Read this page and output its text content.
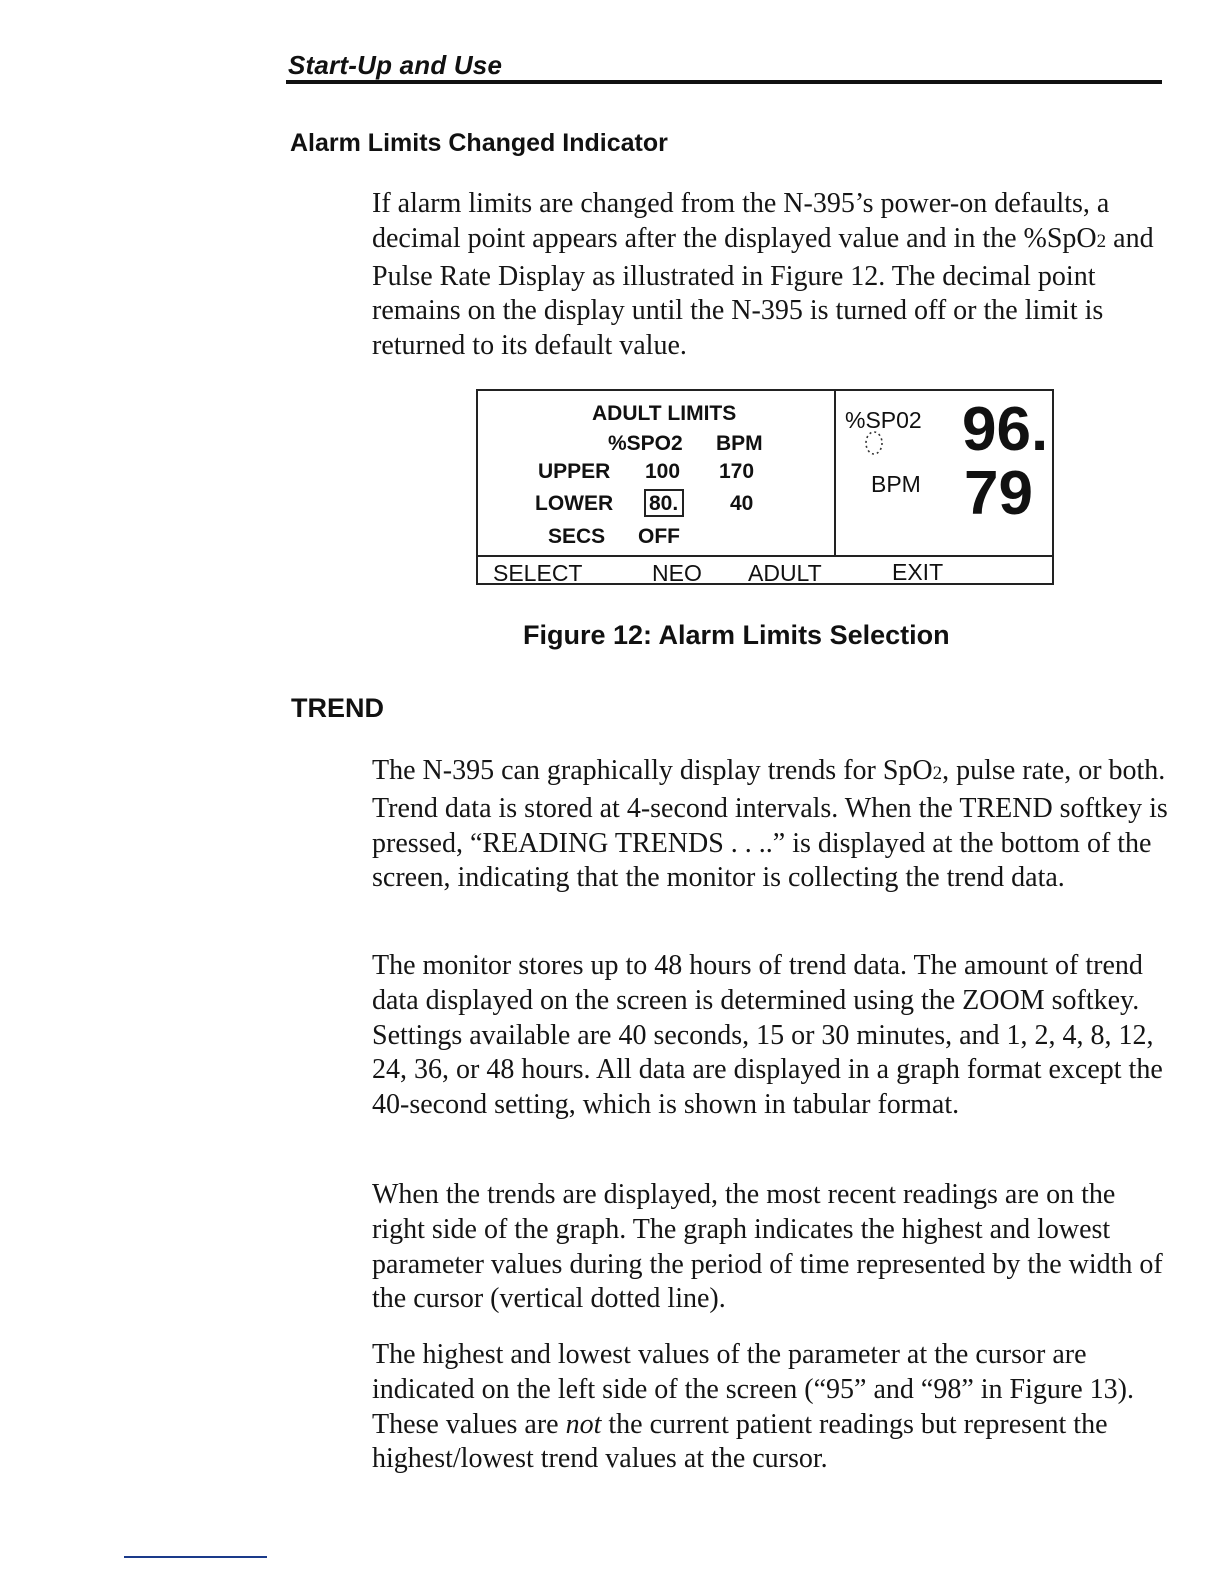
Start-Up and Use
Alarm Limits Changed Indicator
If alarm limits are changed from the N-395’s power-on defaults, a decimal point appears after the displayed value and in the %SpO2 and Pulse Rate Display as illustrated in Figure 12. The decimal point remains on the display until the N-395 is turned off or the limit is returned to its default value.
ADULT LIMITS
%SPO2 BPM
UPPER 100 170
LOWER 80. 40
SECS OFF
%SP02
BPM
96.
79
SELECT	NEO ADULT	EXIT
Figure 12: Alarm Limits Selection
TREND
The N-395 can graphically display trends for SpO2, pulse rate, or both. Trend data is stored at 4-second intervals. When the TREND softkey is pressed, “READING TRENDS . . ..” is displayed at the bottom of the screen, indicating that the monitor is collecting the trend data.
The monitor stores up to 48 hours of trend data. The amount of trend data displayed on the screen is determined using the ZOOM softkey. Settings available are 40 seconds, 15 or 30 minutes, and 1, 2, 4, 8, 12, 24, 36, or 48 hours. All data are displayed in a graph format except the 40-second setting, which is shown in tabular format.
When the trends are displayed, the most recent readings are on the right side of the graph. The graph indicates the highest and lowest parameter values during the period of time represented by the width of the cursor (vertical dotted line).
The highest and lowest values of the parameter at the cursor are indicated on the left side of the screen (“95” and “98” in Figure 13). These values are not the current patient readings but represent the highest/lowest trend values at the cursor.
